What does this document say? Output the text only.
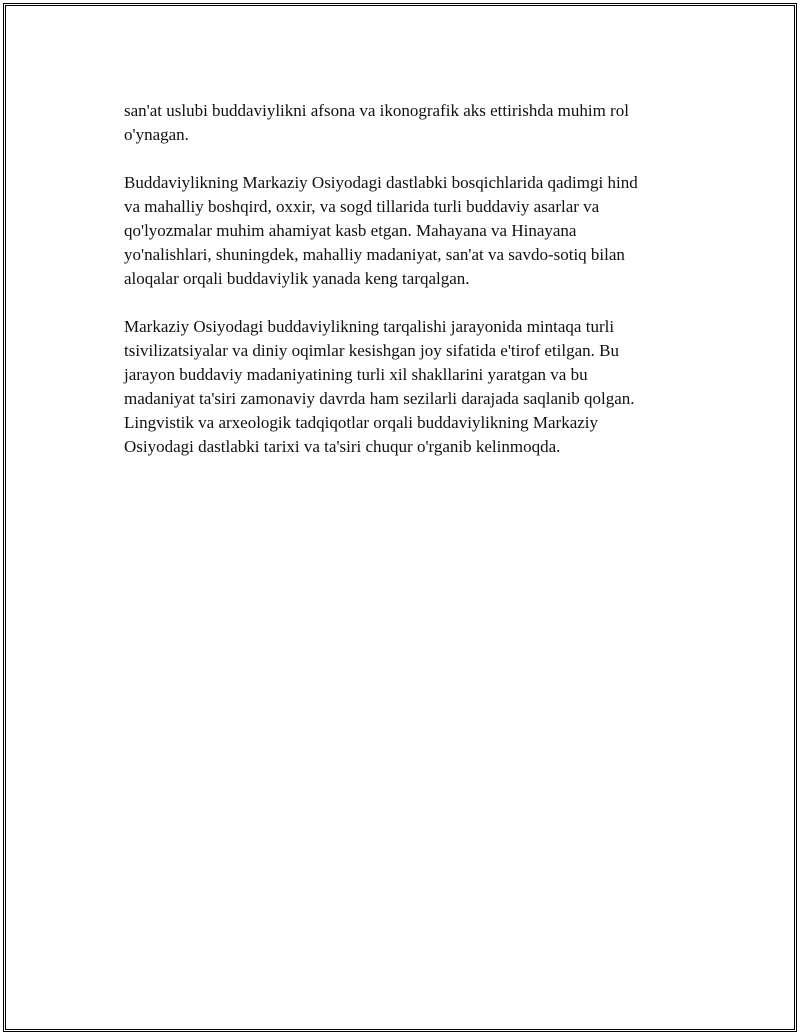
san'at uslubi buddaviylikni afsona va ikonografik aks ettirishda muhim rol
o'ynagan.

Buddaviylikning Markaziy Osiyodagi dastlabki bosqichlarida qadimgi hind
va mahalliy boshqird, oxxir, va sogd tillarida turli buddaviy asarlar va
qo'lyozmalar muhim ahamiyat kasb etgan. Mahayana va Hinayana
yo'nalishlari, shuningdek, mahalliy madaniyat, san'at va savdo-sotiq bilan
aloqalar orqali buddaviylik yanada keng tarqalgan.

Markaziy Osiyodagi buddaviylikning tarqalishi jarayonida mintaqa turli
tsivilizatsiyalar va diniy oqimlar kesishgan joy sifatida e'tirof etilgan. Bu
jarayon buddaviy madaniyatining turli xil shakllarini yaratgan va bu
madaniyat ta'siri zamonaviy davrda ham sezilarli darajada saqlanib qolgan.
Lingvistik va arxeologik tadqiqotlar orqali buddaviylikning Markaziy
Osiyodagi dastlabki tarixi va ta'siri chuqur o'rganib kelinmoqda.
